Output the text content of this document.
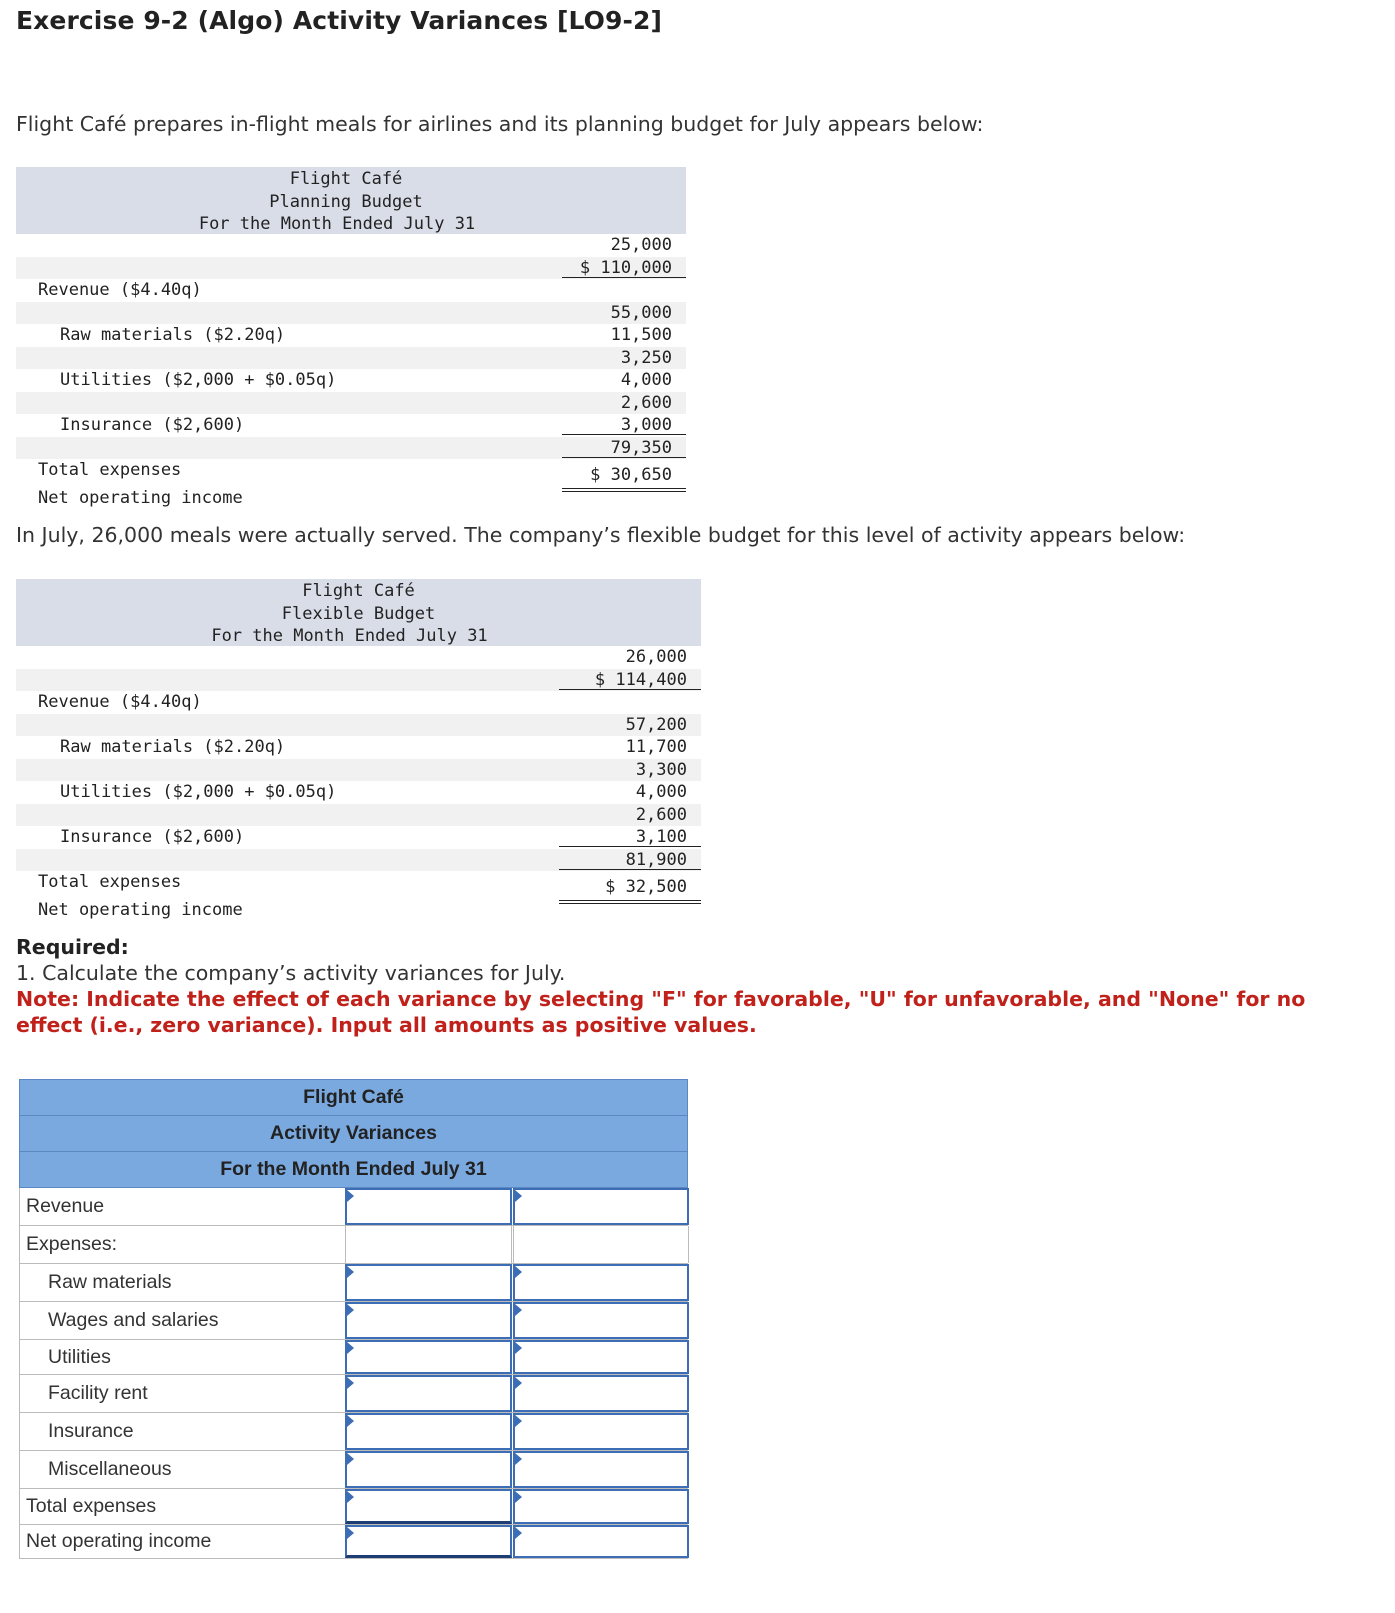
Exercise 9-2 (Algo) Activity Variances [LO9-2]

Flight Café prepares in-flight meals for airlines and its planning budget for July appears below:

Flight Café
Planning Budget
For the Month Ended July 31

25,000

Revenue ($4.40q)

$ 110,000

Raw materials ($2.20q)

55,000

11,500

Utilities ($2,000 + $0.05q)

3,250

4,000

Insurance ($2,600)

2,600

3,000

Total expenses

79,350

Net operating income

$ 30,650

In July, 26,000 meals were actually served. The company’s flexible budget for this level of activity appears below:

Flight Café
Flexible Budget
For the Month Ended July 31

26,000

Revenue ($4.40q)

$ 114,400

Raw materials ($2.20q)

57,200

11,700

Utilities ($2,000 + $0.05q)

3,300

4,000

Insurance ($2,600)

2,600

3,100

Total expenses

81,900

Net operating income

$ 32,500

Required:
1. Calculate the company’s activity variances for July.
Note: Indicate the effect of each variance by selecting "F" for favorable, "U" for unfavorable, and "None" for no effect (i.e., zero variance). Input all amounts as positive values.
Flight Café
Activity Variances
For the Month Ended July 31
Revenue
Expenses:
Raw materials
Wages and salaries
Utilities
Facility rent
Insurance
Miscellaneous
Total expenses
Net operating income
